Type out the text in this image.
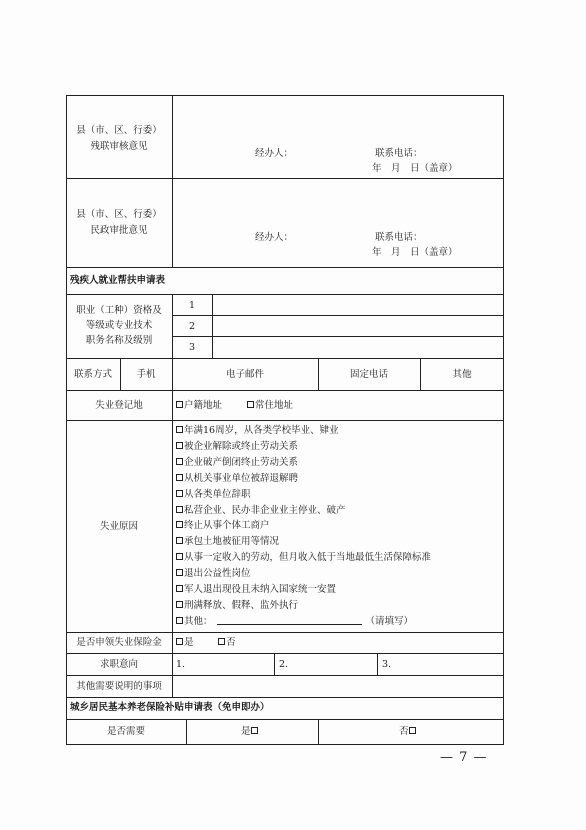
县（市、区、行委）
残联审核意见
经办人：	联系电话：
年　月　日（盖章）
县（市、区、行委）
民政审批意见
经办人：	联系电话：
年　月　日（盖章）
残疾人就业帮扶申请表
职业（工种）资格及
等级或专业技术
职务名称及级别
1
2
3
联系方式	手机	电子邮件	固定电话	其他
失业登记地	户籍地址	常住地址
失业原因
年满16周岁，从各类学校毕业、肄业
被企业解除或终止劳动关系
企业破产倒闭终止劳动关系
从机关事业单位被辞退解聘
从各类单位辞职
私营企业、民办非企业业主停业、破产
终止从事个体工商户
承包土地被征用等情况
从事一定收入的劳动，但月收入低于当地最低生活保障标准
退出公益性岗位
军人退出现役且未纳入国家统一安置
刑满释放、假释、监外执行
其他：	（请填写）
是否申领失业保险金	是	否
求职意向	1.	2.	3.
其他需要说明的事项
城乡居民基本养老保险补贴申请表（免申即办）
是否需要	是	否
— 7 —
